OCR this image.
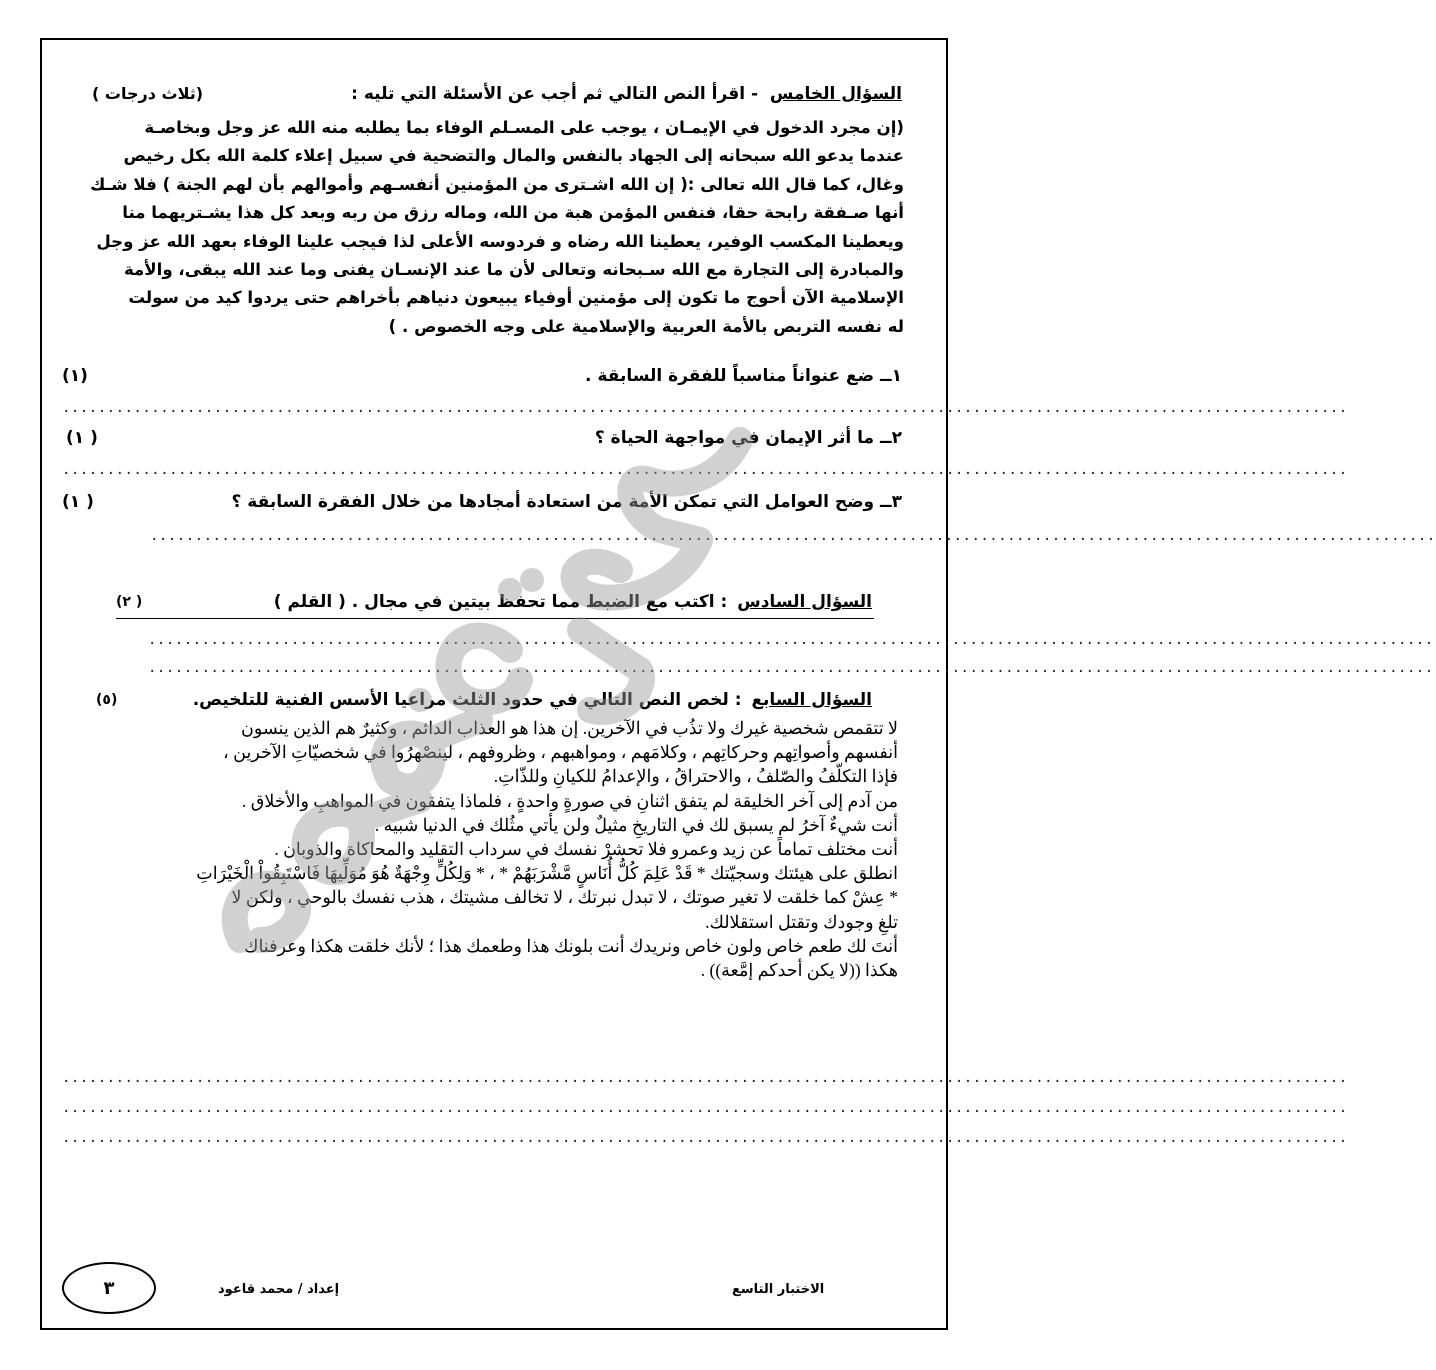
السؤال الخامس - اقرأ النص التالي ثم أجب عن الأسئلة التي تليه :
(ثلاث درجات )

(إن مجرد الدخول في الإيمـان ، يوجب على المسـلم الوفاء بما يطلبه منه الله عز وجل وبخاصـة

عندما يدعو الله سبحانه إلى الجهاد بالنفس والمال والتضحية في سبيل إعلاء كلمة الله بكل رخيص

وغال، كما قال الله تعالى :( إن الله اشـترى من المؤمنين أنفسـهم وأموالهم بأن لهم الجنة ) فلا شـك

أنها صـفقة رابحة حقا، فنفس المؤمن هبة من الله، وماله رزق من ربه وبعد كل هذا يشـتريهما منا

ويعطينا المكسب الوفير، يعطينا الله رضاه و فردوسه الأعلى لذا فيجب علينا الوفاء بعهد الله عز وجل

والمبادرة إلى التجارة مع الله سـبحانه وتعالى لأن ما عند الإنسـان يفنى وما عند الله يبقى، والأمة

الإسلامية الآن أحوج ما تكون إلى مؤمنين أوفياء يبيعون دنياهم بأخراهم حتى يردوا كيد من سولت

له نفسه التربص بالأمة العربية والإسلامية على وجه الخصوص . )

١ــ ضع عنواناً مناسباً للفقرة السابقة .
(١)
................................................................................................................................................
٢ــ ما أثر الإيمان في مواجهة الحياة ؟
( ١)
................................................................................................................................................
٣ــ وضح العوامل التي تمكن الأمة من استعادة أمجادها من خلال الفقرة السابقة ؟
( ١)
................................................................................................................................................
السؤال السادس : اكتب مع الضبط مما تحفظ بيتين في مجال . ( القلم )
( ٢)
................................................................................................................................................
................................................................................................................................................
السؤال السابع : لخص النص التالي في حدود الثلث مراعيا الأسس الفنية للتلخيص.
(٥)

لا تتقمص شخصية غيرك ولا تذُب في الآخرين. إن هذا هو العذاب الدائم ، وكثيرٌ هم الذين ينسون

أنفسهم وأصواتِهم وحركاتِهم ، وكلامَهم ، ومواهبهم ، وظروفهم ، لينصْهرُوا في شخصيّاتِ الآخرين ،

فإذا التكلّفُ والصّلفُ ، والاحتراقُ ، والإعدامُ للكيانِ وللذّاتِ.

من آدم إلى آخر الخليقة لم يتفق اثنانِ في صورةٍ واحدةٍ ، فلماذا يتفقون في المواهبِ والأخلاق .

أنت شيءٌ آخرُ لم يسبق لك في التاريخِ مثيلٌ ولن يأتي مثُلك في الدنيا شبيه .

أنت مختلف تماماً عن زيد وعمرو فلا تحشرْ نفسك في سرداب التقليد والمحاكاة والذوبان .

انطلق على هيئتك وسجيّتك * قَدْ عَلِمَ كُلُّ أُنَاسٍ مَّشْرَبَهُمْ * ، * وَلِكُلٍّ وِجْهَةٌ هُوَ مُوَلِّيهَا فَاسْتَبِقُواْ الْخَيْرَاتِ

* عِشْ كما خلقت لا تغير صوتك ، لا تبدل نبرتك ، لا تخالف مشيتك ، هذب نفسك بالوحي ، ولكن لا

تلغِ وجودك وتقتل استقلالك.

أنتَ لك طعم خاص ولون خاص ونريدك أنت بلونك هذا وطعمك هذا ؛ لأنك خلقت هكذا وعرفناك

هكذا ((لا يكن أحدكم إمَّعة)) .

................................................................................................................................................
................................................................................................................................................
................................................................................................................................................
٣	إعداد / محمد قاعود	الاختبار التاسع
